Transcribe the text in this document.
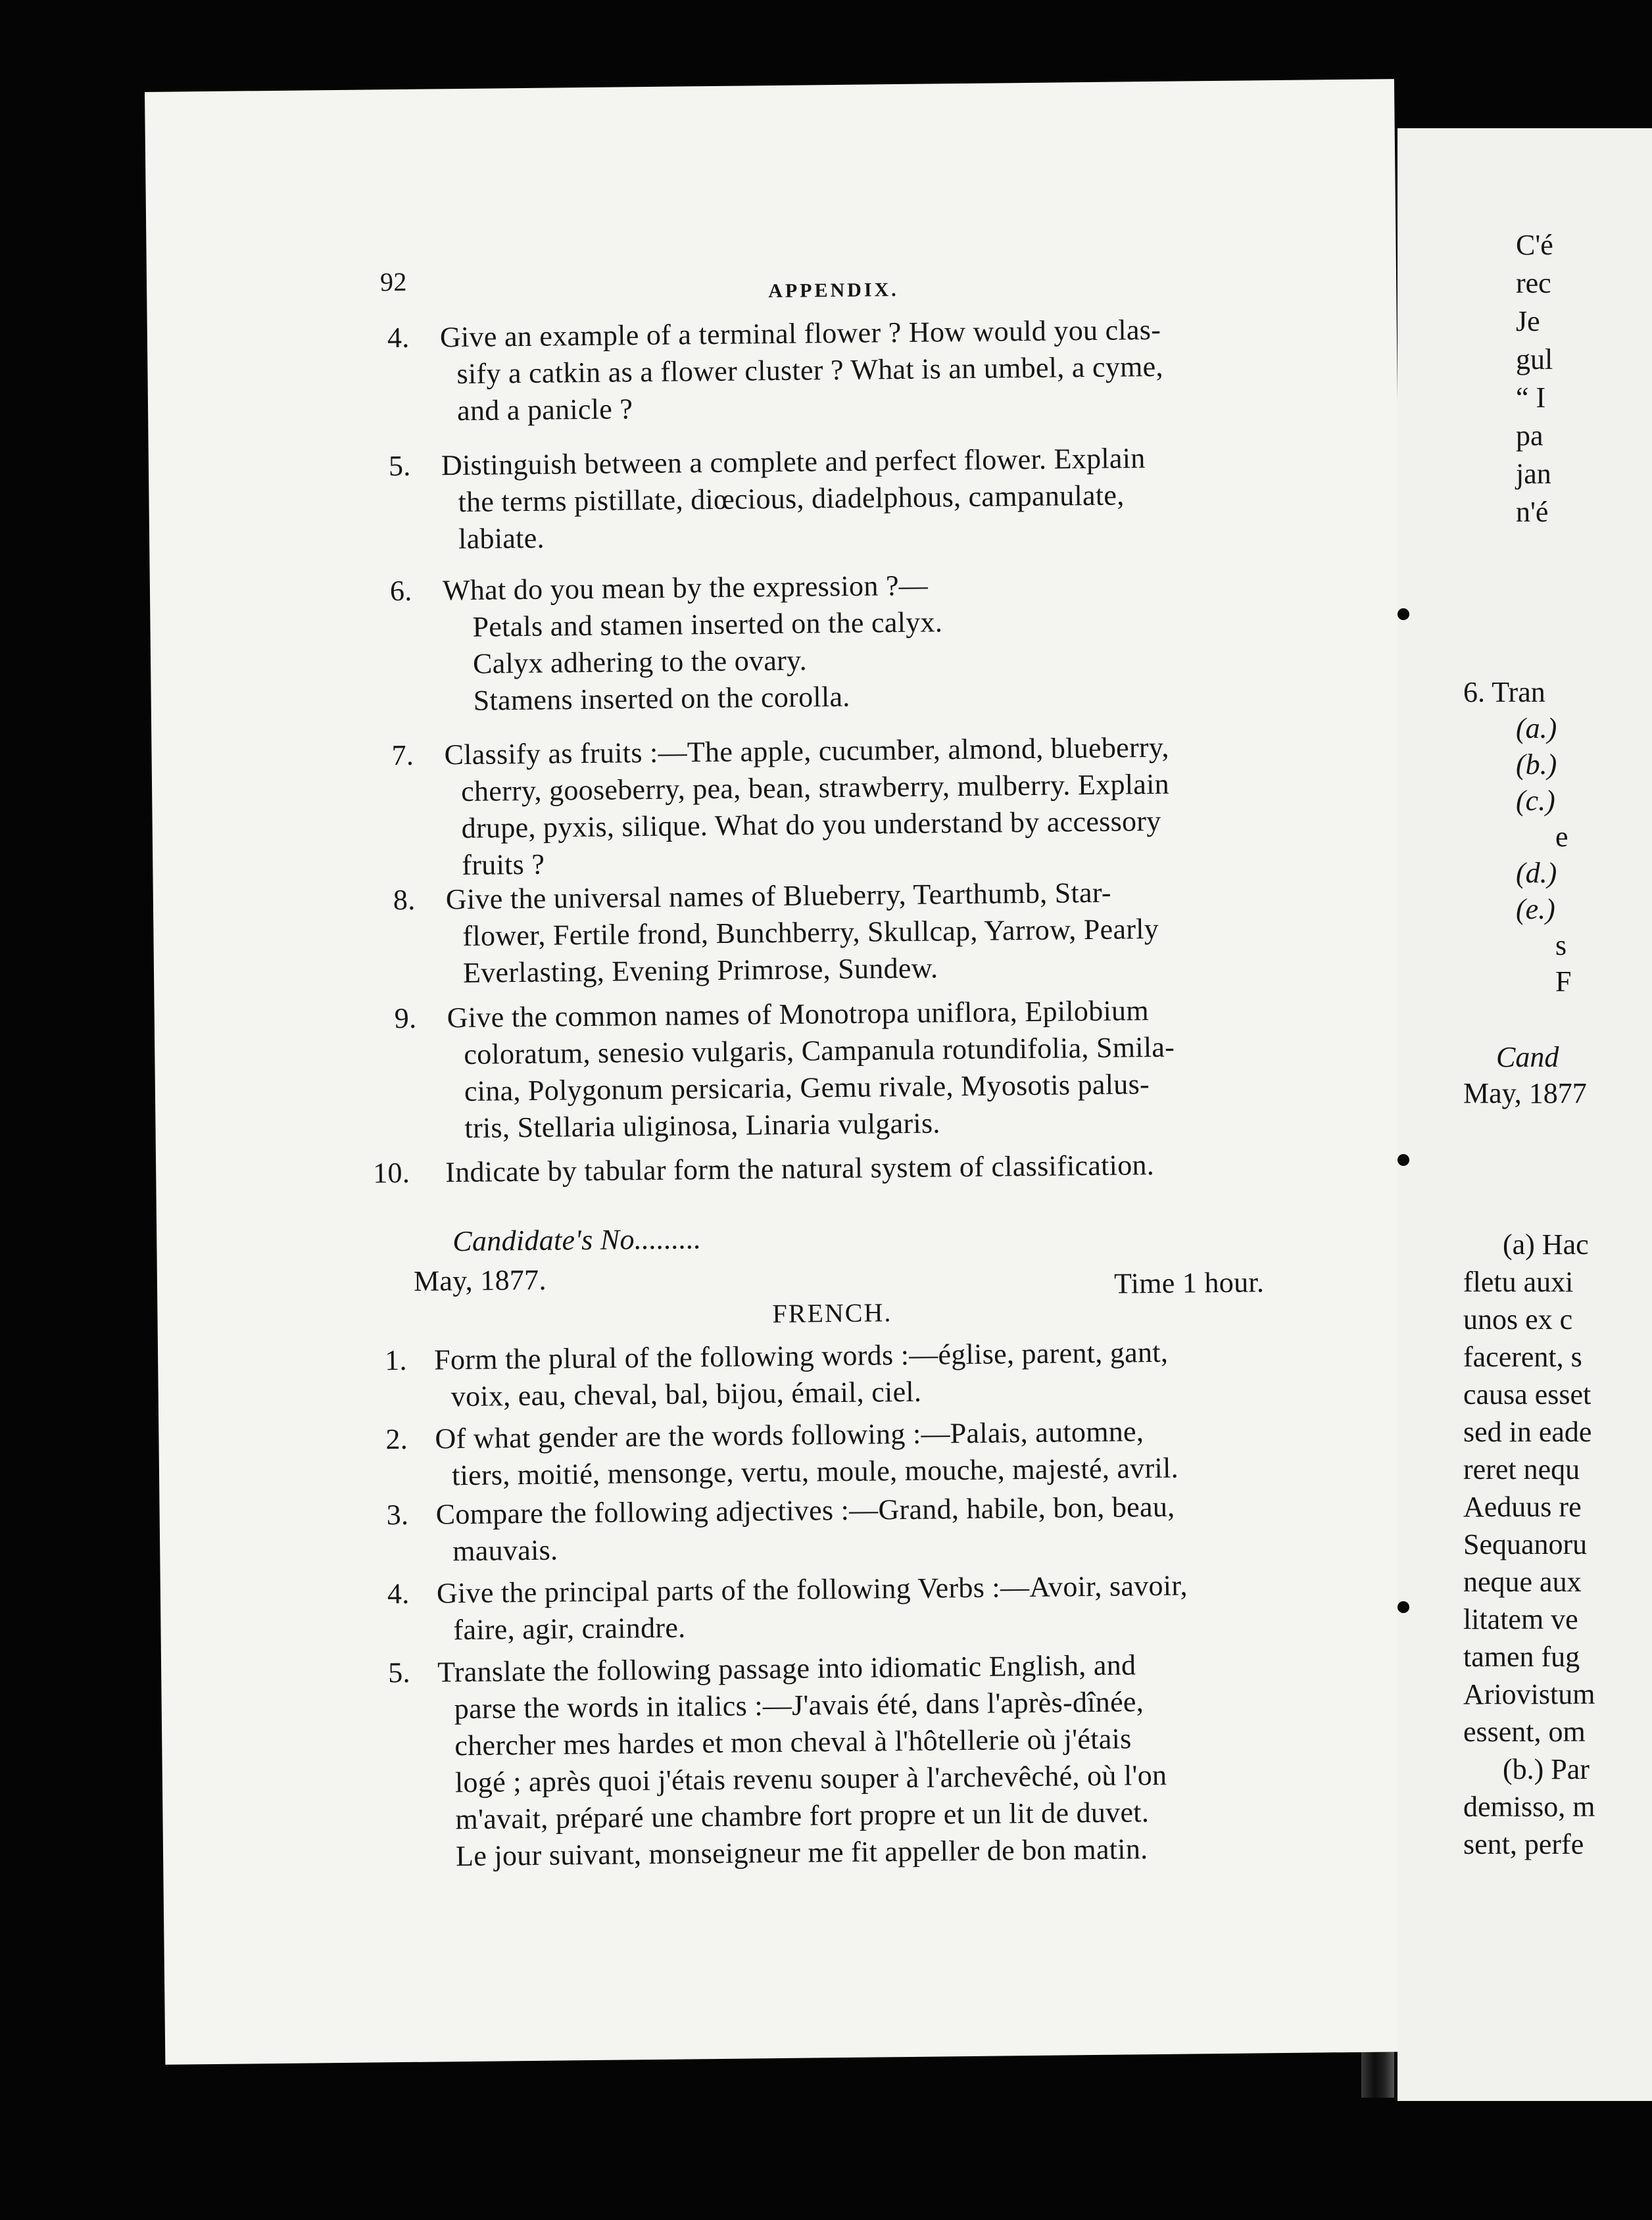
92	APPENDIX.
4. Give an example of a terminal flower ? How would you clas-
sify a catkin as a flower cluster ? What is an umbel, a cyme,
and a panicle ?
5. Distinguish between a complete and perfect flower. Explain
the terms pistillate, diœcious, diadelphous, campanulate,
labiate.
6. What do you mean by the expression ?—
Petals and stamen inserted on the calyx.
Calyx adhering to the ovary.
Stamens inserted on the corolla.
7. Classify as fruits :—The apple, cucumber, almond, blueberry,
cherry, gooseberry, pea, bean, strawberry, mulberry. Explain
drupe, pyxis, silique. What do you understand by accessory
fruits ?
8. Give the universal names of Blueberry, Tearthumb, Star-
flower, Fertile frond, Bunchberry, Skullcap, Yarrow, Pearly
Everlasting, Evening Primrose, Sundew.
9. Give the common names of Monotropa uniflora, Epilobium
coloratum, senesio vulgaris, Campanula rotundifolia, Smila-
cina, Polygonum persicaria, Gemu rivale, Myosotis palus-
tris, Stellaria uliginosa, Linaria vulgaris.
10. Indicate by tabular form the natural system of classification.
Candidate's No.........
May, 1877.	Time 1 hour.
FRENCH.
1. Form the plural of the following words :—église, parent, gant,
voix, eau, cheval, bal, bijou, émail, ciel.
2. Of what gender are the words following :—Palais, automne,
tiers, moitié, mensonge, vertu, moule, mouche, majesté, avril.
3. Compare the following adjectives :—Grand, habile, bon, beau,
mauvais.
4. Give the principal parts of the following Verbs :—Avoir, savoir,
faire, agir, craindre.
5. Translate the following passage into idiomatic English, and
parse the words in italics :—J'avais été, dans l'après-dînée,
chercher mes hardes et mon cheval à l'hôtellerie où j'étais
logé ; après quoi j'étais revenu souper à l'archevêché, où l'on
m'avait, préparé une chambre fort propre et un lit de duvet.
Le jour suivant, monseigneur me fit appeller de bon matin.
C'é
rec
Je
gul
“ I
pa
jan
n'é
6. Tran
(a.)
(b.)
(c.)
e
(d.)
(e.)
s
F
Cand
May, 1877
(a) Hac
fletu auxi
unos ex c
facerent, s
causa esset
sed in eade
reret nequ
Aeduus re
Sequanoru
neque aux
litatem ve
tamen fug
Ariovistum
essent, om
(b.) Par
demisso, m
sent, perfe
